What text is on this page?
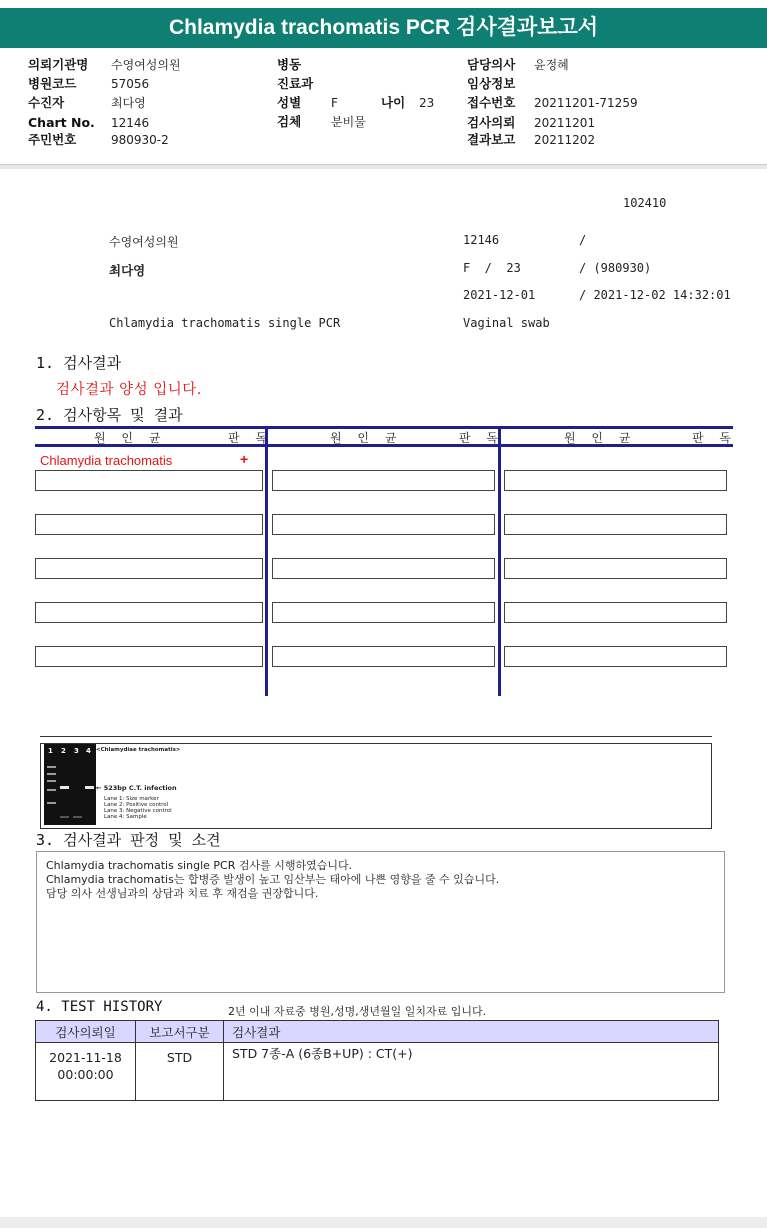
Chlamydia trachomatis PCR 검사결과보고서
의뢰기관명 수영여성의원
병원코드	57056
수진자	최다영
Chart No. 12146
주민번호	980930-2
병동
진료과
성별 F	나이 23
검체 분비물
담당의사 윤정혜
임상정보
접수번호 20211201-71259
검사의뢰 20211201
결과보고 20211202
102410
수영여성의원	12146	/
최다영	F  /  23	/ (980930)
2021-12-01	/ 2021-12-02 14:32:01
Chlamydia trachomatis single PCR	Vaginal swab
1. 검사결과
검사결과 양성 입니다.
2. 검사항목 및 결과
원 인 균	판 독	원 인 균	판 독	원 인 균	판 독
Chlamydia trachomatis	+
1 2 3 4 <Chlamydiae trachomatis>
← 523bp C.T. infection
Lane 1: Size marker
Lane 2: Positive control
Lane 3: Negative control
Lane 4: Sample
3. 검사결과 판정 및 소견
Chlamydia trachomatis single PCR 검사를 시행하였습니다.
Chlamydia trachomatis는 합병증 발생이 높고 임산부는 태아에 나쁜 영향을 줄 수 있습니다.
담당 의사 선생님과의 상담과 치료 후 재검을 권장합니다.
4. TEST HISTORY	2년 이내 자료중 병원,성명,생년월일 일치자료 입니다.
검사의뢰일	보고서구분	검사결과

2021-11-18
00:00:00	STD	STD 7종-A (6종B+UP) : CT(+)
